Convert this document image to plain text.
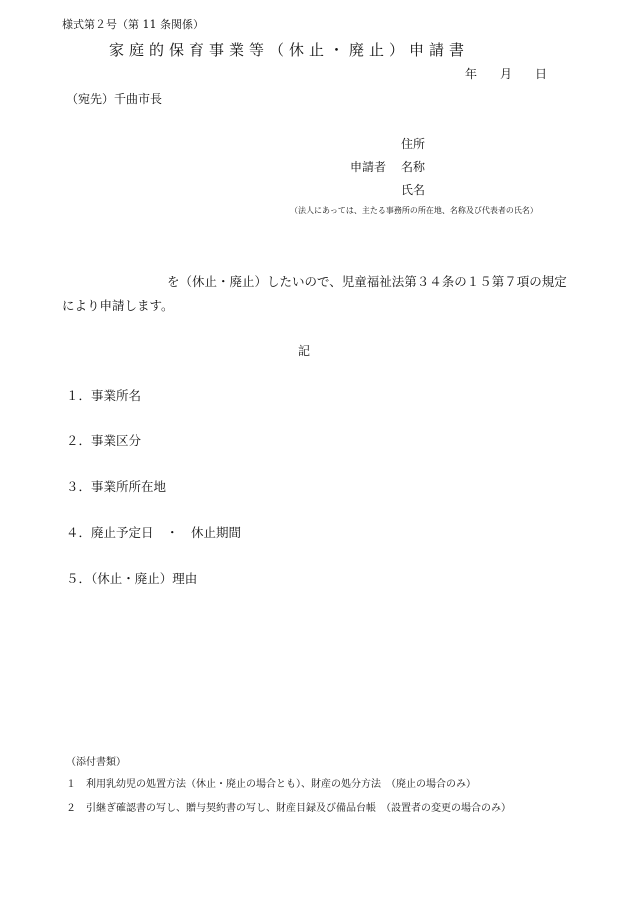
様式第２号（第 11 条関係）
家庭的保育事業等（休止・廃止）申請書
年 月 日
（宛先）千曲市長
住所
申請者 名称
氏名
（法人にあっては、主たる事務所の所在地、名称及び代表者の氏名）
を（休止・廃止）したいので、児童福祉法第３４条の１５第７項の規定
により申請します。
記
１．事業所名
２．事業区分
３．事業所所在地
４．廃止予定日　・　休止期間
５．（休止・廃止）理由
（添付書類）
１　利用乳幼児の処置方法（休止・廃止の場合とも）、財産の処分方法　（廃止の場合のみ）
２　引継ぎ確認書の写し、贈与契約書の写し、財産目録及び備品台帳　（設置者の変更の場合のみ）
